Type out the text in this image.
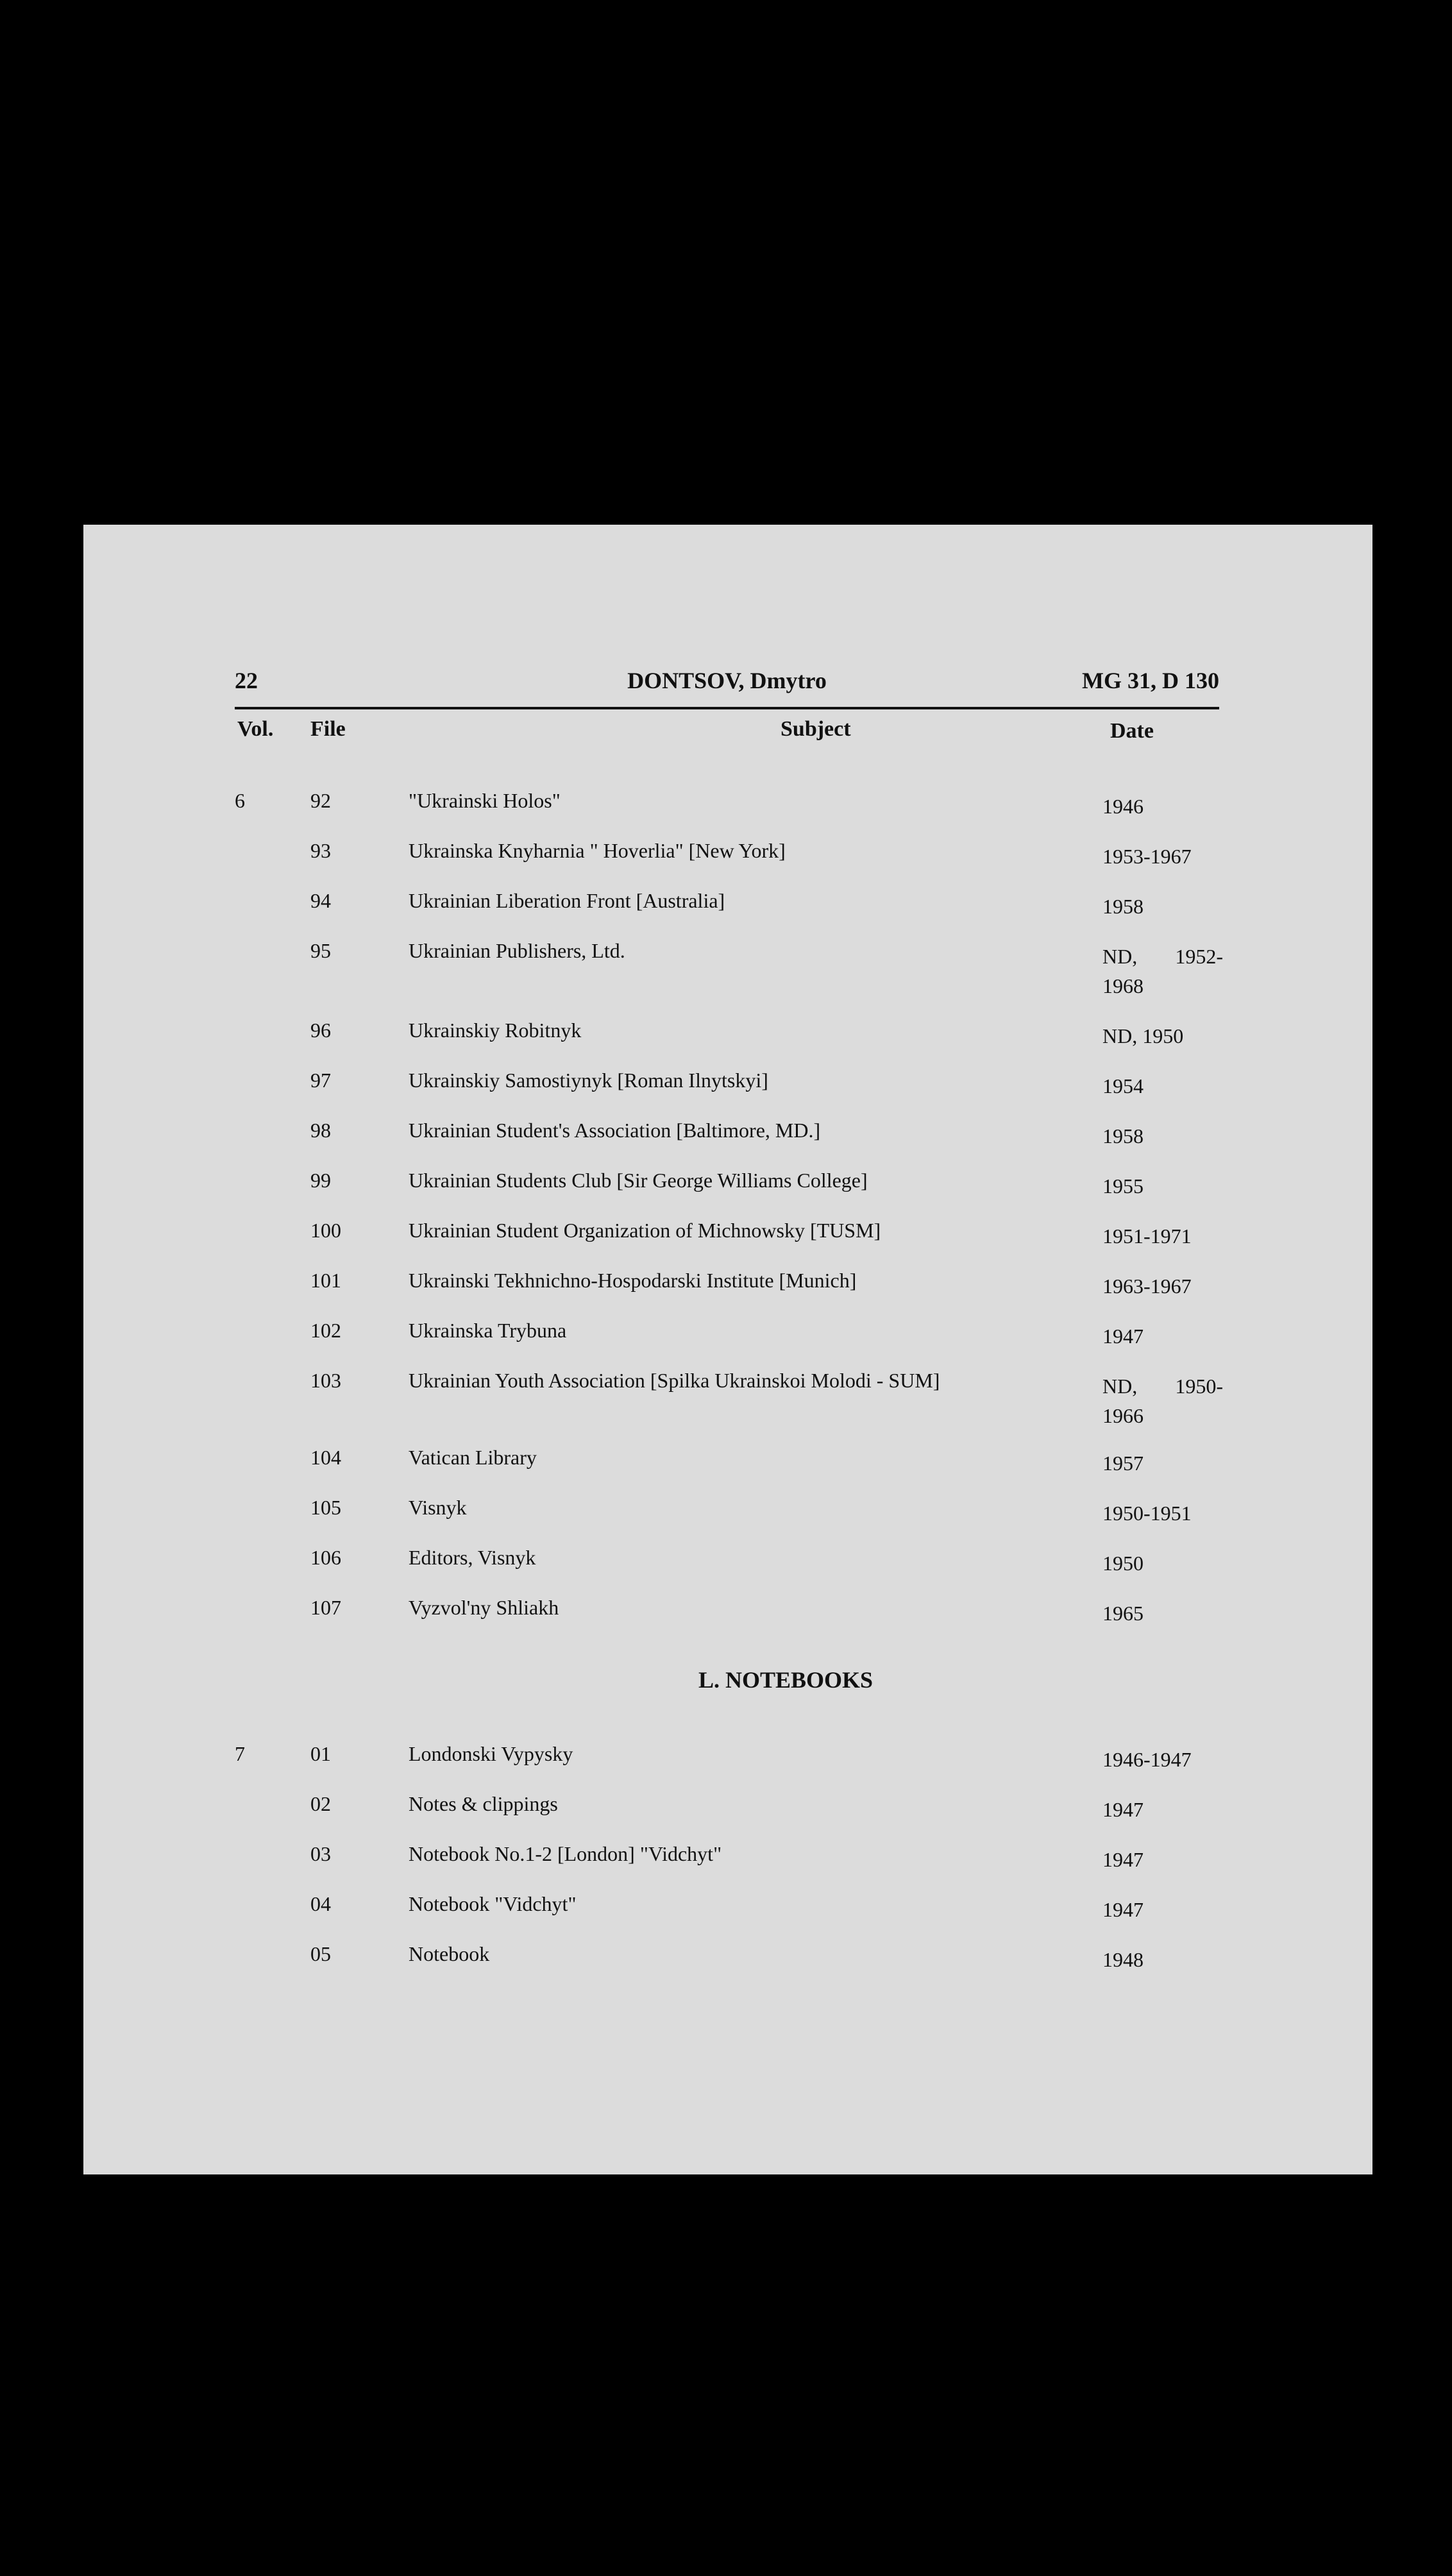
22	DONTSOV, Dmytro	MG 31, D 130
Vol. File	Subject	Date
6	92	"Ukrainski Holos"	1946
93	Ukrainska Knyharnia " Hoverlia" [New York]	1953-1967
94	Ukrainian Liberation Front [Australia]	1958
95	Ukrainian Publishers, Ltd.	ND, 1952-1968
96	Ukrainskiy Robitnyk	ND, 1950
97	Ukrainskiy Samostiynyk [Roman Ilnytskyi]	1954
98	Ukrainian Student's Association [Baltimore, MD.]	1958
99	Ukrainian Students Club [Sir George Williams College]	1955
100	Ukrainian Student Organization of Michnowsky [TUSM]	1951-1971
101	Ukrainski Tekhnichno-Hospodarski Institute [Munich]	1963-1967
102	Ukrainska Trybuna	1947
103	Ukrainian Youth Association [Spilka Ukrainskoi Molodi - SUM]	ND, 1950-1966
104	Vatican Library	1957
105	Visnyk	1950-1951
106	Editors, Visnyk	1950
107	Vyzvol'ny Shliakh	1965
L. NOTEBOOKS
7	01	Londonski Vypysky	1946-1947
02	Notes & clippings	1947
03	Notebook No.1-2 [London] "Vidchyt"	1947
04	Notebook "Vidchyt"	1947
05	Notebook	1948
